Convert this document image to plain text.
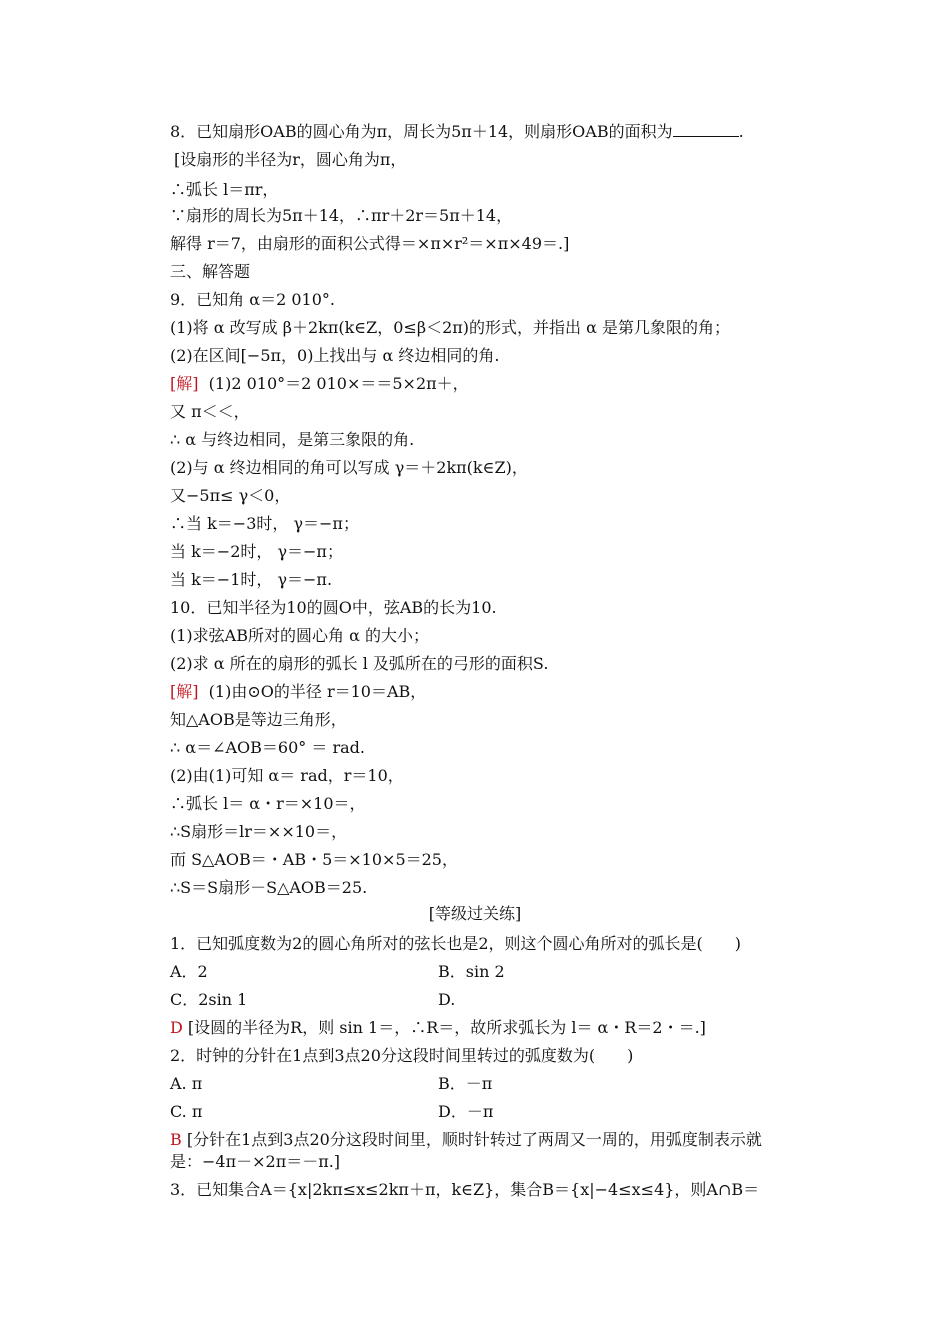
8．已知扇形OAB的圆心角为π，周长为5π＋14，则扇形OAB的面积为	.
[设扇形的半径为r，圆心角为π，
∴弧长 l＝πr，
∵扇形的周长为5π＋14，∴πr＋2r＝5π＋14，
解得 r＝7，由扇形的面积公式得＝×π×r²＝×π×49＝.]
三、解答题
9．已知角 α＝2 010°.
(1)将 α 改写成 β＋2kπ(k∈Z，0≤β＜2π)的形式，并指出 α 是第几象限的角；
(2)在区间[−5π，0)上找出与 α 终边相同的角.
[解] (1)2 010°＝2 010×＝＝5×2π＋，
又 π＜＜，
∴ α 与终边相同，是第三象限的角.
(2)与 α 终边相同的角可以写成 γ＝＋2kπ(k∈Z)，
又−5π≤ γ＜0，
∴当 k＝−3时， γ＝−π；
当 k＝−2时， γ＝−π；
当 k＝−1时， γ＝−π.
10．已知半径为10的圆O中，弦AB的长为10.
(1)求弦AB所对的圆心角 α 的大小；
(2)求 α 所在的扇形的弧长 l 及弧所在的弓形的面积S.
[解] (1)由⊙O的半径 r＝10＝AB，
知△AOB是等边三角形，
∴ α＝∠AOB＝60° ＝ rad.
(2)由(1)可知 α＝ rad，r＝10，
∴弧长 l＝ α・r＝×10＝，
∴S扇形＝lr＝××10＝，
而 S△AOB＝・AB・5＝×10×5＝25，
∴S＝S扇形－S△AOB＝25.
[等级过关练]
1．已知弧度数为2的圆心角所对的弦长也是2，则这个圆心角所对的弧长是(　　)
A．2	B．sin 2
C．2sin 1	D.
D [设圆的半径为R，则 sin 1＝，∴R＝，故所求弧长为 l＝ α・R＝2・＝.]
2．时钟的分针在1点到3点20分这段时间里转过的弧度数为(　　)
A. π	B．－π
C. π	D．－π
B [分针在1点到3点20分这段时间里，顺时针转过了两周又一周的，用弧度制表示就
是：−4π－×2π＝－π.]
3．已知集合A＝{x|2kπ≤x≤2kπ＋π，k∈Z}，集合B＝{x|−4≤x≤4}，则A∩B＝
